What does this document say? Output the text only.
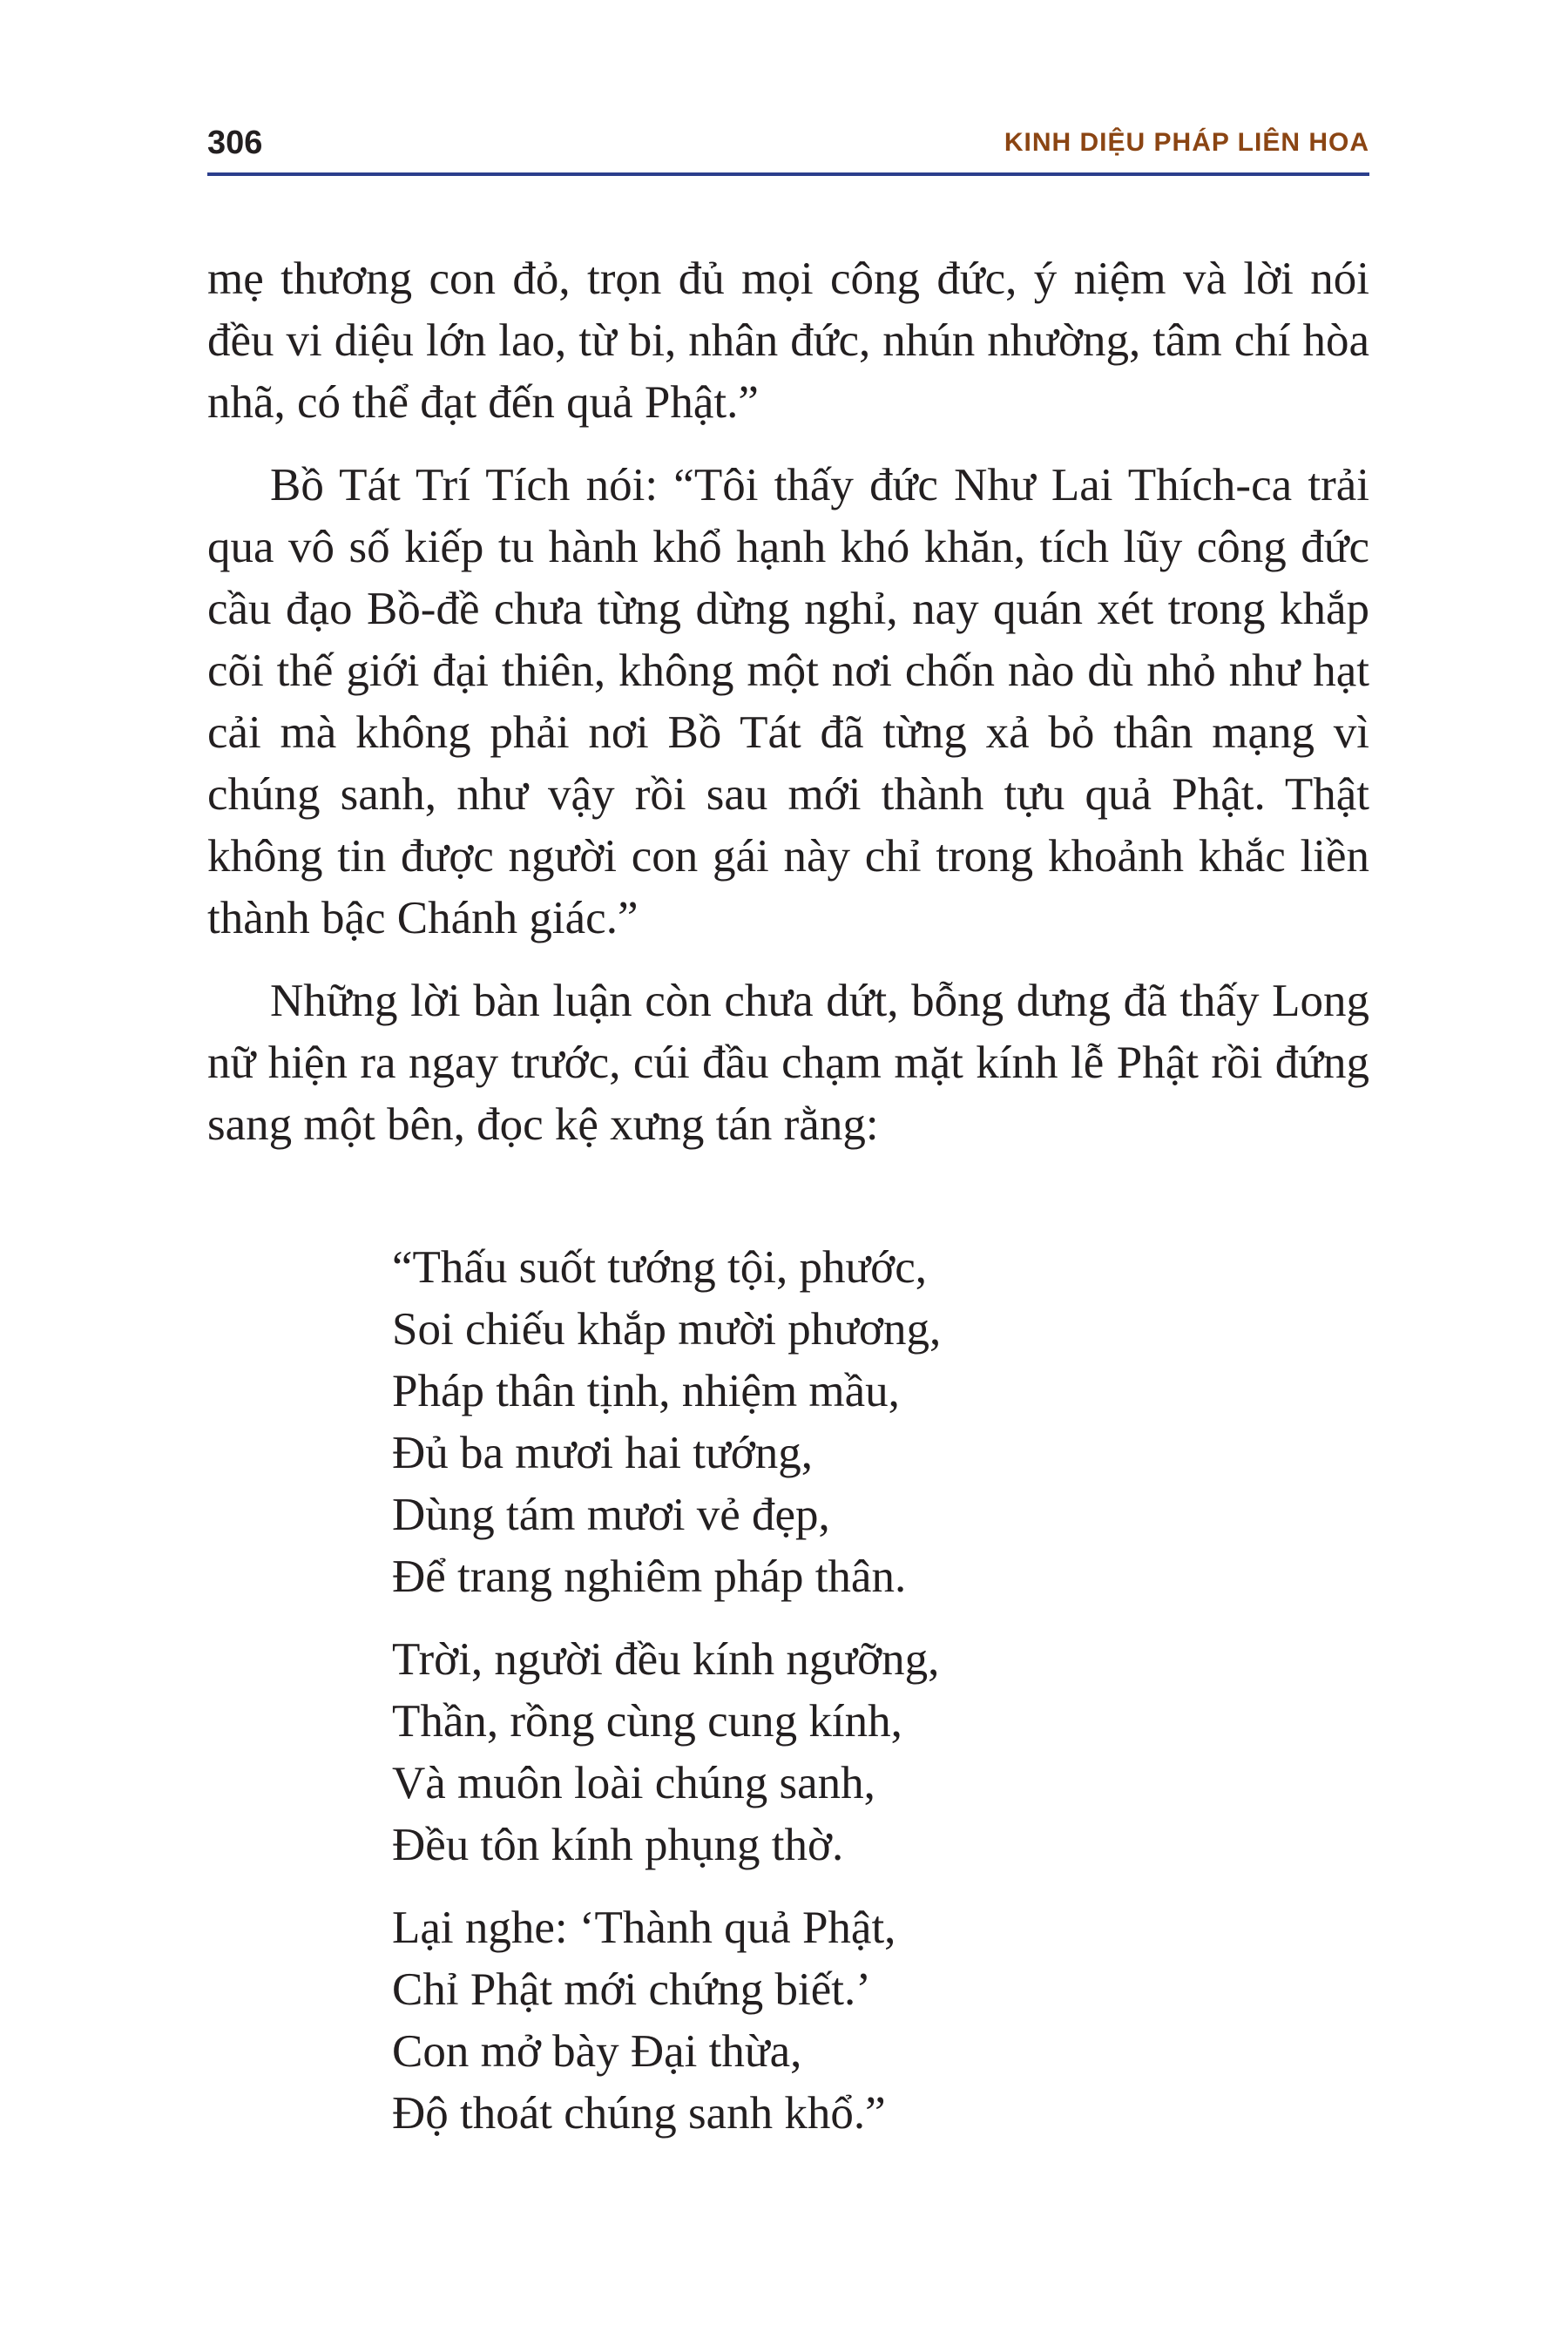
306	KINH DIỆU PHÁP LIÊN HOA

mẹ thương con đỏ, trọn đủ mọi công đức, ý niệm và lời nói đều vi diệu lớn lao, từ bi, nhân đức, nhún nhường, tâm chí hòa nhã, có thể đạt đến quả Phật.”

Bồ Tát Trí Tích nói: “Tôi thấy đức Như Lai Thích-ca trải qua vô số kiếp tu hành khổ hạnh khó khăn, tích lũy công đức cầu đạo Bồ-đề chưa từng dừng nghỉ, nay quán xét trong khắp cõi thế giới đại thiên, không một nơi chốn nào dù nhỏ như hạt cải mà không phải nơi Bồ Tát đã từng xả bỏ thân mạng vì chúng sanh, như vậy rồi sau mới thành tựu quả Phật. Thật không tin được người con gái này chỉ trong khoảnh khắc liền thành bậc Chánh giác.”

Những lời bàn luận còn chưa dứt, bỗng dưng đã thấy Long nữ hiện ra ngay trước, cúi đầu chạm mặt kính lễ Phật rồi đứng sang một bên, đọc kệ xưng tán rằng:

“Thấu suốt tướng tội, phước,
Soi chiếu khắp mười phương,
Pháp thân tịnh, nhiệm mầu,
Đủ ba mươi hai tướng,
Dùng tám mươi vẻ đẹp,
Để trang nghiêm pháp thân.
Trời, người đều kính ngưỡng,
Thần, rồng cùng cung kính,
Và muôn loài chúng sanh,
Đều tôn kính phụng thờ.
Lại nghe: ‘Thành quả Phật,
Chỉ Phật mới chứng biết.’
Con mở bày Đại thừa,
Độ thoát chúng sanh khổ.”
